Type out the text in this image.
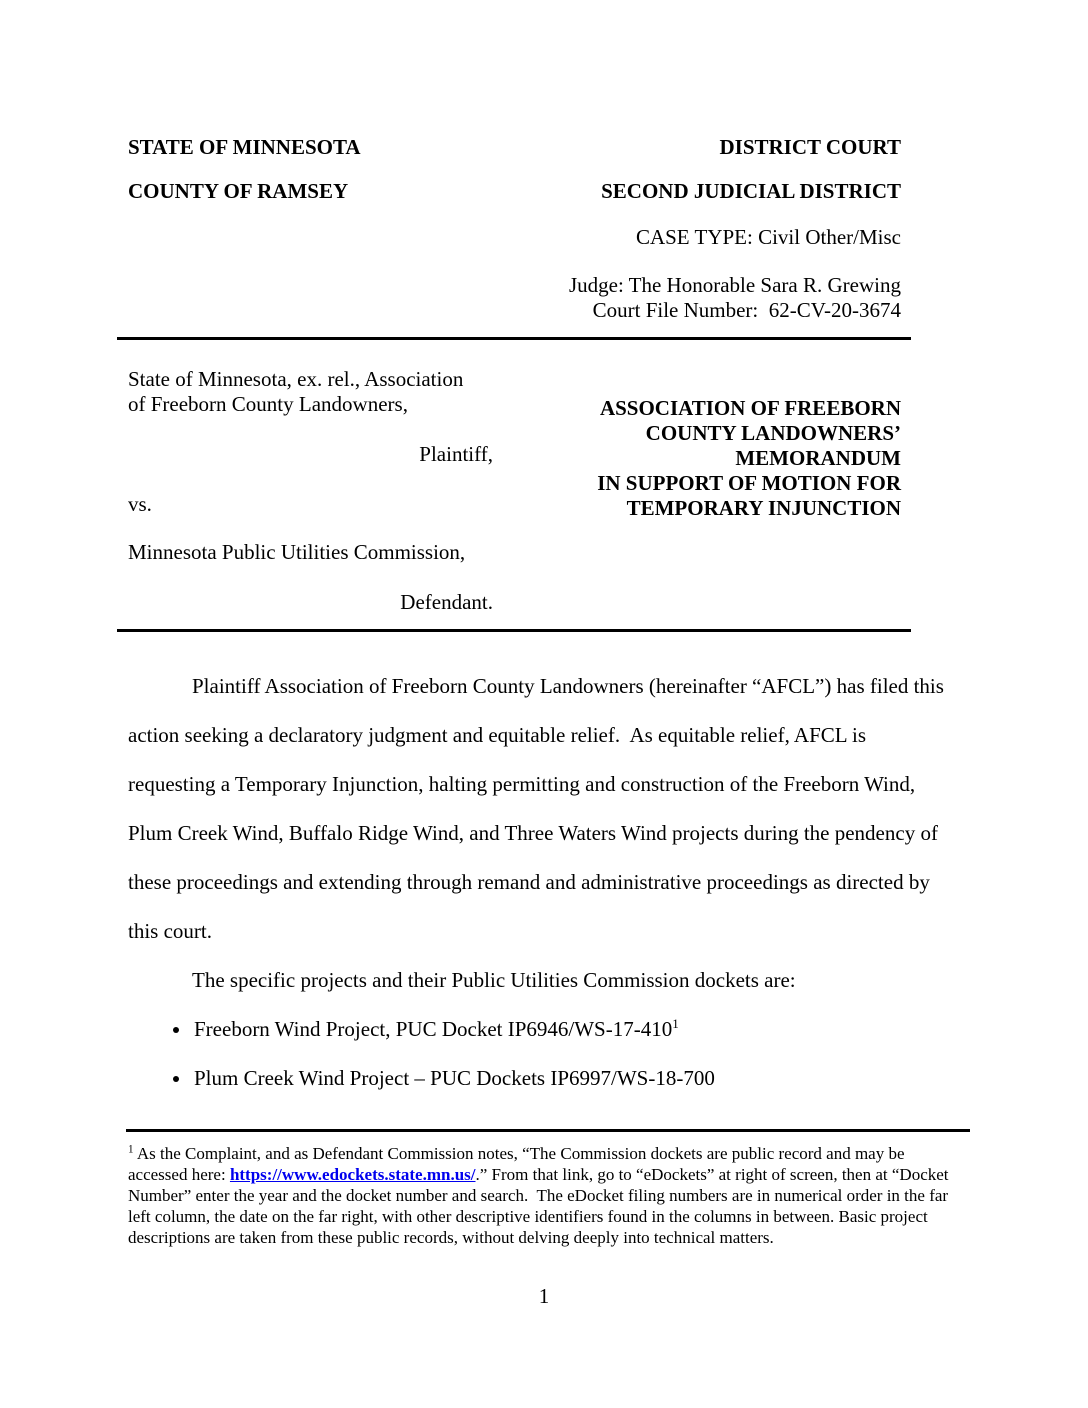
STATE OF MINNESOTA	DISTRICT COURT
COUNTY OF RAMSEY	SECOND JUDICIAL DISTRICT
CASE TYPE: Civil Other/Misc
Judge: The Honorable Sara R. Grewing
Court File Number:  62-CV-20-3674
State of Minnesota, ex. rel., Association
of Freeborn County Landowners,
Plaintiff,
vs.
Minnesota Public Utilities Commission,
Defendant.
ASSOCIATION OF FREEBORN
COUNTY LANDOWNERS’
MEMORANDUM
IN SUPPORT OF MOTION FOR
TEMPORARY INJUNCTION

Plaintiff Association of Freeborn County Landowners (hereinafter “AFCL”) has filed this action seeking a declaratory judgment and equitable relief.  As equitable relief, AFCL is requesting a Temporary Injunction, halting permitting and construction of the Freeborn Wind, Plum Creek Wind, Buffalo Ridge Wind, and Three Waters Wind projects during the pendency of these proceedings and extending through remand and administrative proceedings as directed by this court.

The specific projects and their Public Utilities Commission dockets are:

• Freeborn Wind Project, PUC Docket IP6946/WS-17-410$^1$
• Plum Creek Wind Project – PUC Dockets IP6997/WS-18-700
$^1$ As the Complaint, and as Defendant Commission notes, “The Commission dockets are public record and may be accessed here: https://www.edockets.state.mn.us/.” From that link, go to “eDockets” at right of screen, then at “Docket Number” enter the year and the docket number and search.  The eDocket filing numbers are in numerical order in the far left column, the date on the far right, with other descriptive identifiers found in the columns in between. Basic project descriptions are taken from these public records, without delving deeply into technical matters.
1
